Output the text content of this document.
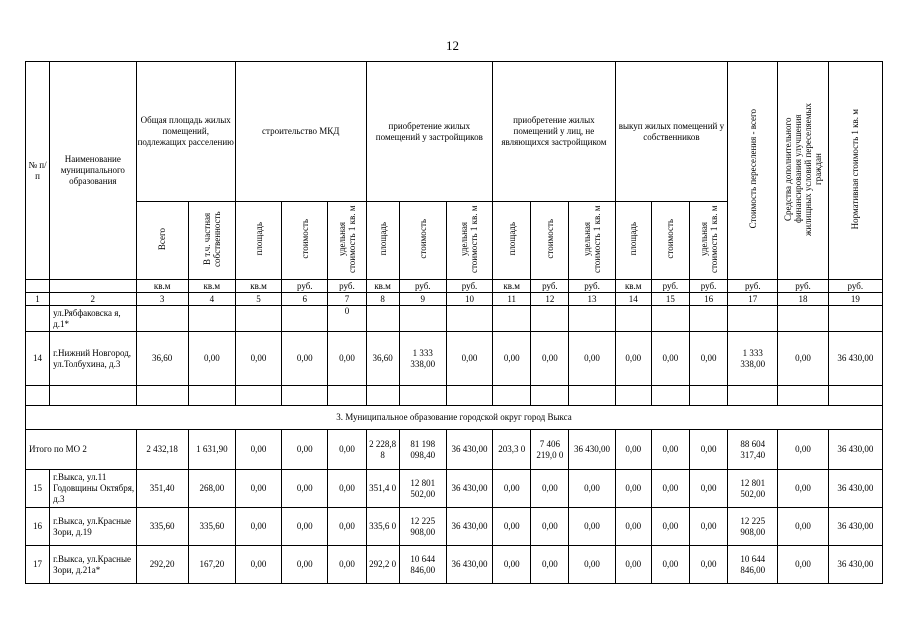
12
№ п/п	Наименование муниципального образования	Общая площадь жилых помещений, подлежащих расселению		строительство МКД			приобретение жилых помещений у застройщиков			приобретение жилых помещений у лиц, не являющихся застройщиком			выкуп жилых помещений у собственников			Стоимость переселения - всего	Средства дополнительного финансирования улучшения жилищных условий переселяемых граждан	Нормативная стоимость 1 кв. м
		Всего	В т.ч. частная собственность	площадь	стоимость	удельная стоимость 1 кв. м	площадь	стоимость	удельная стоимость 1 кв. м	площадь	стоимость	удельная стоимость 1 кв. м	площадь	стоимость	удельная стоимость 1 кв. м			
		кв.м	кв.м	кв.м	руб.	руб.	кв.м	руб.	руб.	кв.м	руб.	руб.	кв.м	руб.	руб.	руб.	руб.	руб.
1	2	3	4	5	6	7	8	9	10	11	12	13	14	15	16	17	18	19
	ул.Рябфаковска я, д.1*					0												
14	г.Нижний Новгород, ул.Толбухина, д.3	36,60	0,00	0,00	0,00	0,00	36,60	1 333 338,00	0,00	0,00	0,00	0,00	0,00	0,00	0,00	1 333 338,00	0,00	36 430,00

3. Муниципальное образование городской округ город Выкса																		
Итого по МО 2		2 432,18	1 631,90	0,00	0,00	0,00	2 228,8 8	81 198 098,40	36 430,00	203,3 0	7 406 219,0 0	36 430,00	0,00	0,00	0,00	88 604 317,40	0,00	36 430,00
15	г.Выкса, ул.11 Годовщины Октября, д.3	351,40	268,00	0,00	0,00	0,00	351,4 0	12 801 502,00	36 430,00	0,00	0,00	0,00	0,00	0,00	0,00	12 801 502,00	0,00	36 430,00
16	г.Выкса, ул.Красные Зори, д.19	335,60	335,60	0,00	0,00	0,00	335,6 0	12 225 908,00	36 430,00	0,00	0,00	0,00	0,00	0,00	0,00	12 225 908,00	0,00	36 430,00
17	г.Выкса, ул.Красные Зори, д.21а*	292,20	167,20	0,00	0,00	0,00	292,2 0	10 644 846,00	36 430,00	0,00	0,00	0,00	0,00	0,00	0,00	10 644 846,00	0,00	36 430,00
